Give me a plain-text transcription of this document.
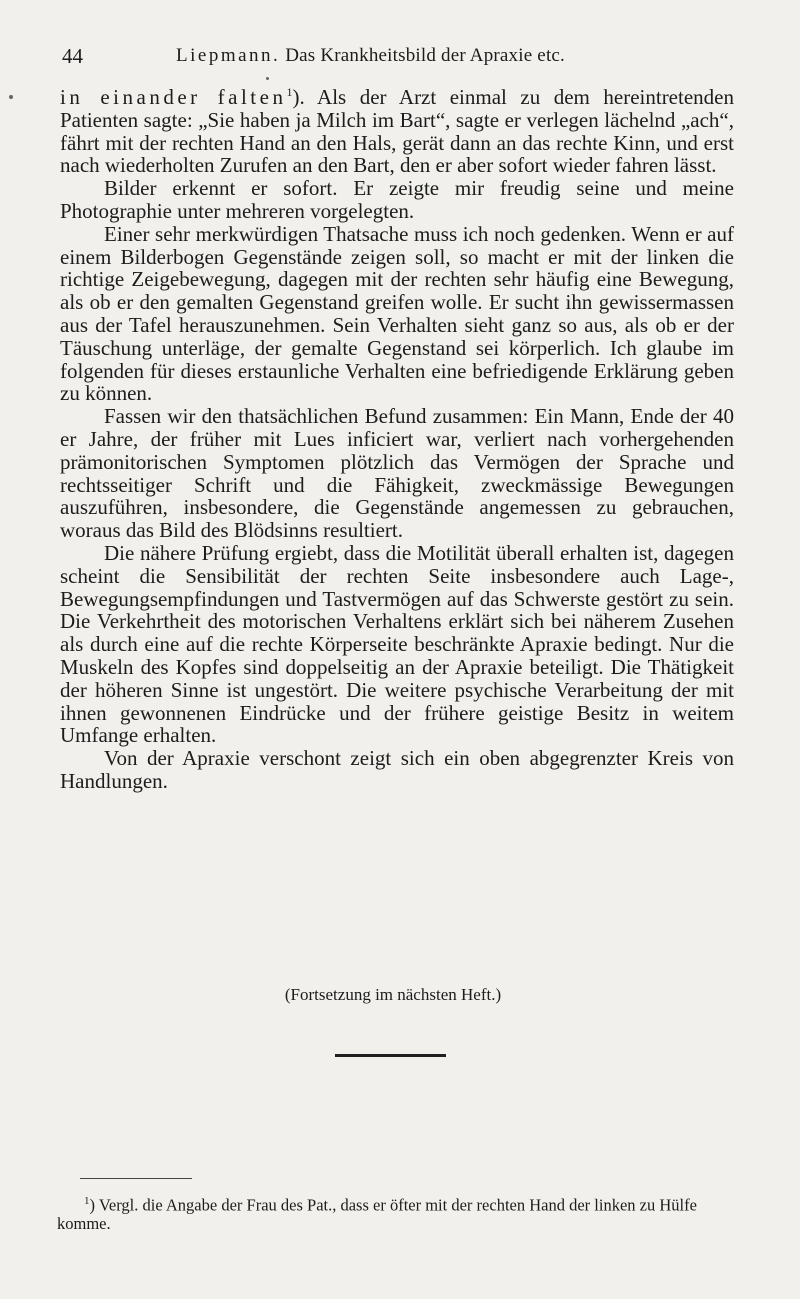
44	Liepmann. Das Krankheitsbild der Apraxie etc.

in einander falten$^1$). Als der Arzt einmal zu dem hereintretenden Patienten sagte: „Sie haben ja Milch im Bart“, sagte er verlegen lächelnd „ach“, fährt mit der rechten Hand an den Hals, gerät dann an das rechte Kinn, und erst nach wiederholten Zurufen an den Bart, den er aber sofort wieder fahren lässt.

Bilder erkennt er sofort. Er zeigte mir freudig seine und meine Photographie unter mehreren vorgelegten.

Einer sehr merkwürdigen Thatsache muss ich noch gedenken. Wenn er auf einem Bilderbogen Gegenstände zeigen soll, so macht er mit der linken die richtige Zeigebewegung, dagegen mit der rechten sehr häufig eine Bewegung, als ob er den gemalten Gegenstand greifen wolle. Er sucht ihn gewissermassen aus der Tafel herauszunehmen. Sein Verhalten sieht ganz so aus, als ob er der Täuschung unterläge, der gemalte Gegenstand sei körperlich. Ich glaube im folgenden für dieses erstaunliche Verhalten eine befriedigende Erklärung geben zu können.

Fassen wir den thatsächlichen Befund zusammen: Ein Mann, Ende der 40 er Jahre, der früher mit Lues inficiert war, verliert nach vorhergehenden prämonitorischen Symptomen plötzlich das Vermögen der Sprache und rechtsseitiger Schrift und die Fähigkeit, zweckmässige Bewegungen auszuführen, insbesondere, die Gegenstände angemessen zu gebrauchen, woraus das Bild des Blödsinns resultiert.

Die nähere Prüfung ergiebt, dass die Motilität überall erhalten ist, dagegen scheint die Sensibilität der rechten Seite insbesondere auch Lage-, Bewegungsempfindungen und Tastvermögen auf das Schwerste gestört zu sein. Die Verkehrtheit des motorischen Verhaltens erklärt sich bei näherem Zusehen als durch eine auf die rechte Körperseite beschränkte Apraxie bedingt. Nur die Muskeln des Kopfes sind doppelseitig an der Apraxie beteiligt. Die Thätigkeit der höheren Sinne ist ungestört. Die weitere psychische Verarbeitung der mit ihnen gewonnenen Eindrücke und der frühere geistige Besitz in weitem Umfange erhalten.

Von der Apraxie verschont zeigt sich ein oben abgegrenzter Kreis von Handlungen.

(Fortsetzung im nächsten Heft.)
$^1$) Vergl. die Angabe der Frau des Pat., dass er öfter mit der rechten Hand der linken zu Hülfe komme.
